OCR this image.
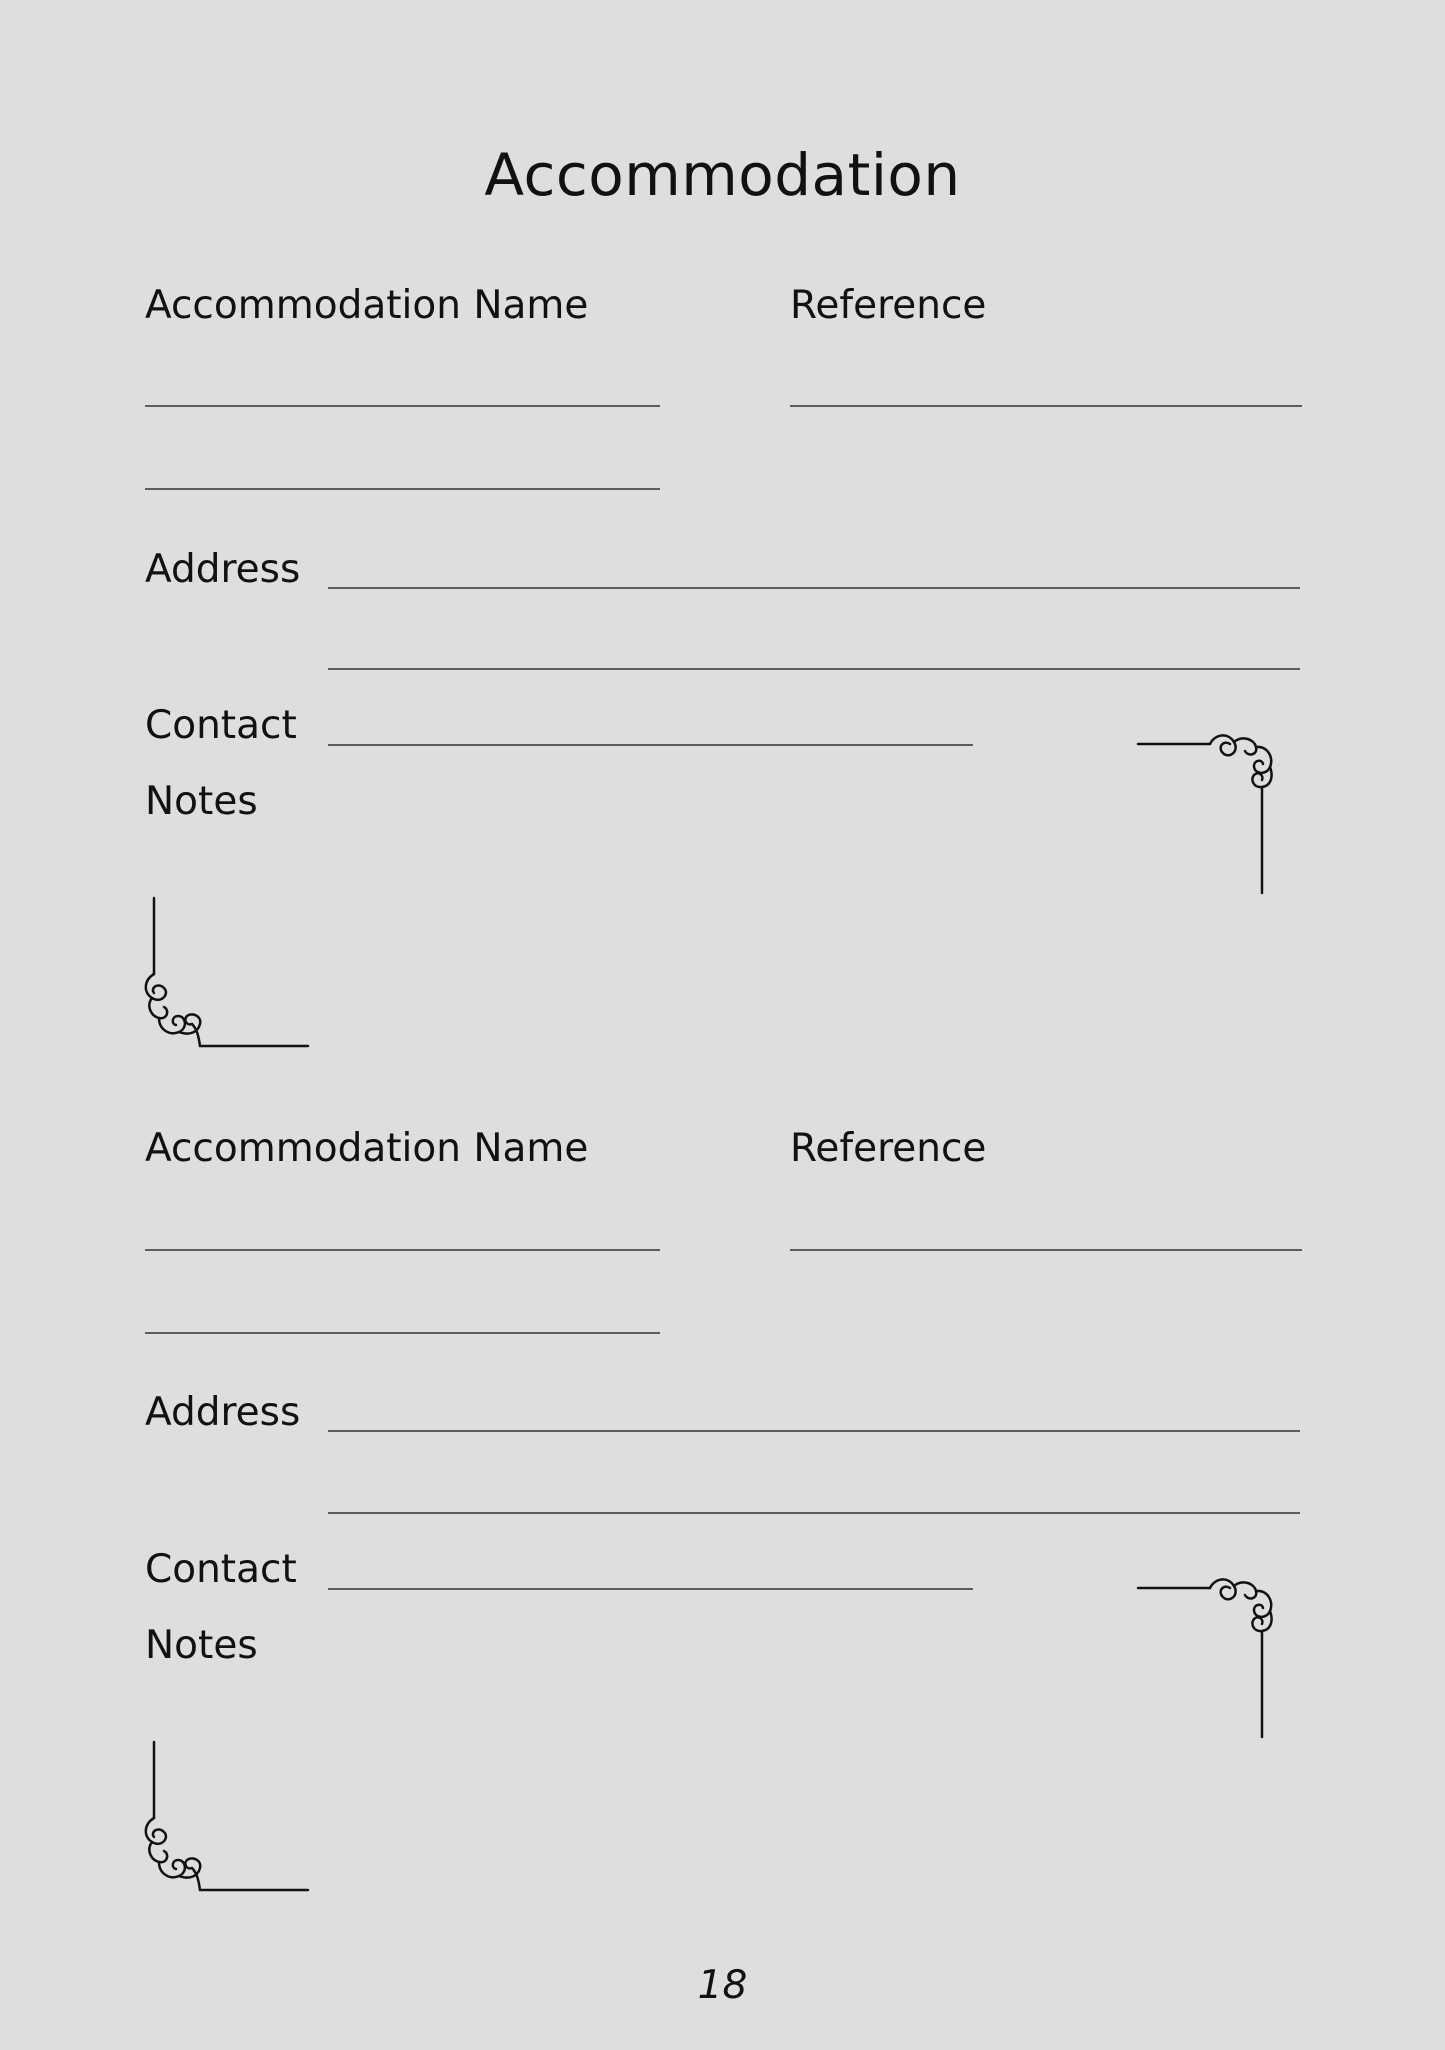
Accommodation
Accommodation Name	Reference
Address
Contact
Notes
Accommodation Name	Reference
Address
Contact
Notes
18
